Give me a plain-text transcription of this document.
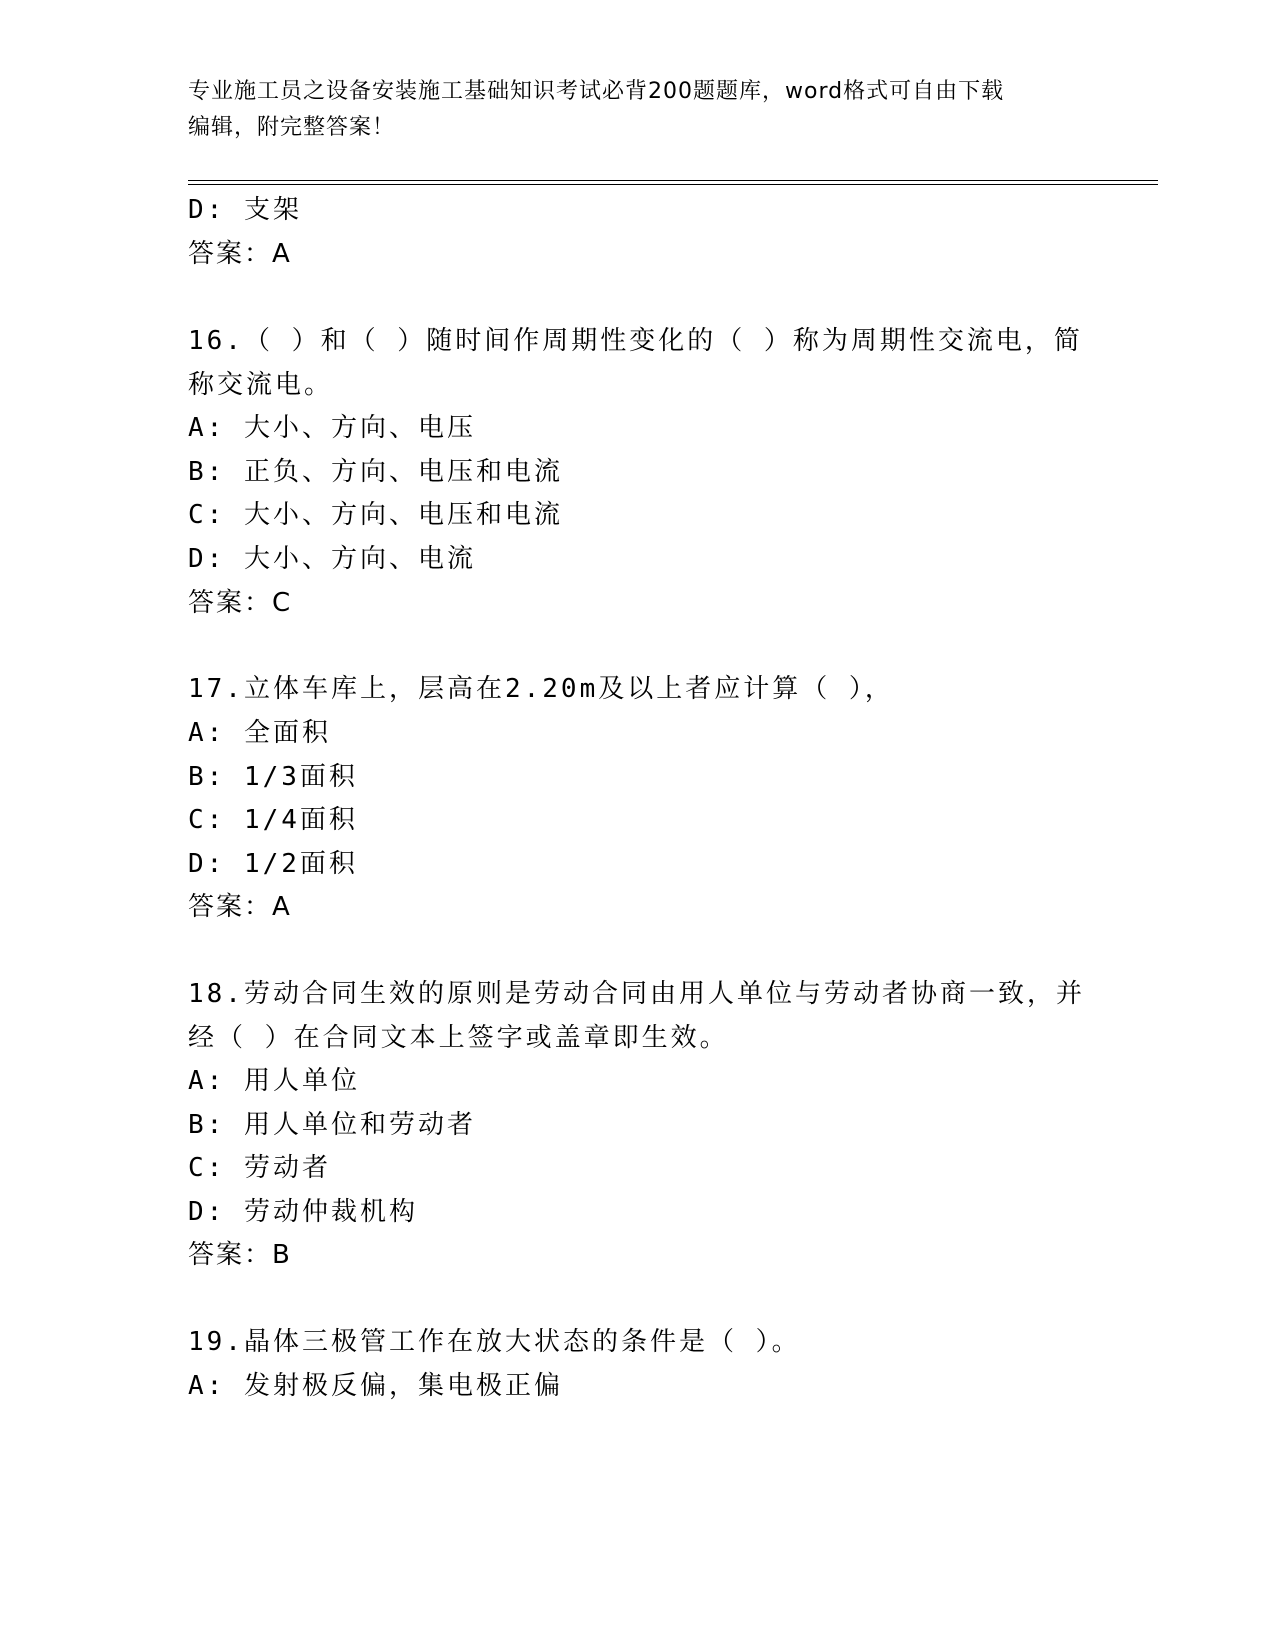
专业施工员之设备安装施工基础知识考试必背200题题库，word格式可自由下载
编辑，附完整答案！
D: 支架
答案：A
16.（ ）和（ ）随时间作周期性变化的（ ）称为周期性交流电，简
称交流电。
A: 大小、方向、电压
B: 正负、方向、电压和电流
C: 大小、方向、电压和电流
D: 大小、方向、电流
答案：C
17.立体车库上，层高在2.20m及以上者应计算（ ），
A: 全面积
B: 1/3面积
C: 1/4面积
D: 1/2面积
答案：A
18.劳动合同生效的原则是劳动合同由用人单位与劳动者协商一致，并
经（ ）在合同文本上签字或盖章即生效。
A: 用人单位
B: 用人单位和劳动者
C: 劳动者
D: 劳动仲裁机构
答案：B
19.晶体三极管工作在放大状态的条件是（ ）。
A: 发射极反偏，集电极正偏
